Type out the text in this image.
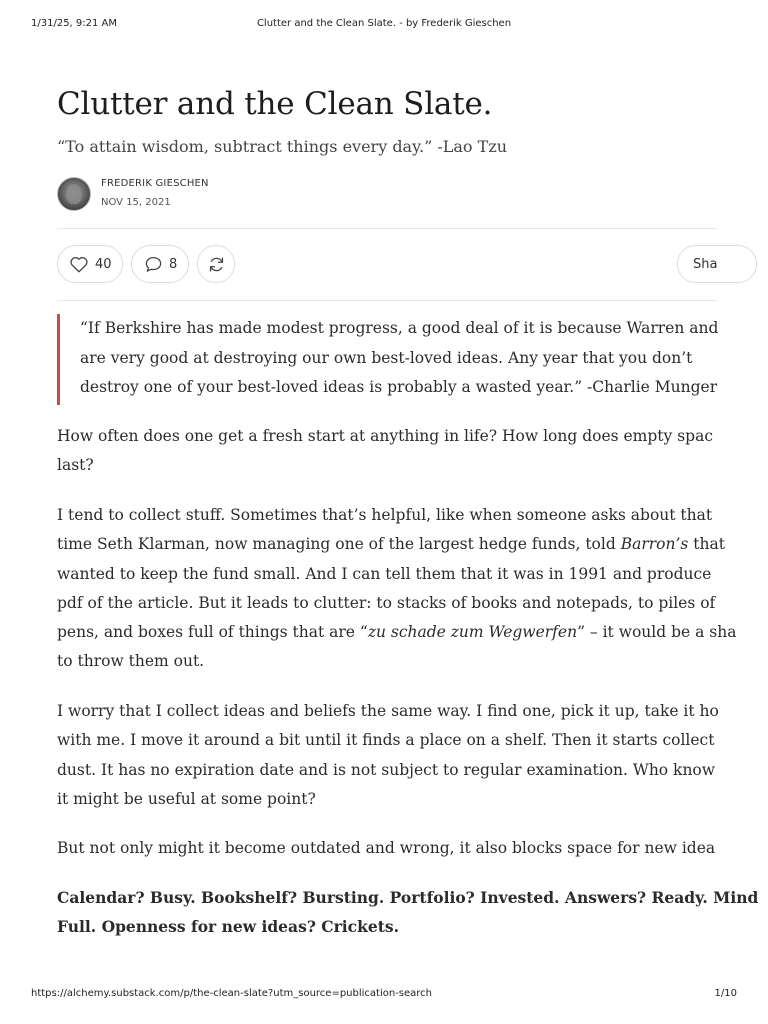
1/31/25, 9:21 AM	Clutter and the Clean Slate. - by Frederik Gieschen
Clutter and the Clean Slate.
“To attain wisdom, subtract things every day.” -Lao Tzu
FREDERIK GIESCHEN
NOV 15, 2021
40	8	Sha

“If Berkshire has made modest progress, a good deal of it is because Warren and

are very good at destroying our own best-loved ideas. Any year that you don’t

destroy one of your best-loved ideas is probably a wasted year.” -Charlie Munger

How often does one get a fresh start at anything in life? How long does empty spac
last?
I tend to collect stuff. Sometimes that’s helpful, like when someone asks about that
time Seth Klarman, now managing one of the largest hedge funds, told Barron’s that
wanted to keep the fund small. And I can tell them that it was in 1991 and produce
pdf of the article. But it leads to clutter: to stacks of books and notepads, to piles of
pens, and boxes full of things that are “zu schade zum Wegwerfen” – it would be a sha
to throw them out.
I worry that I collect ideas and beliefs the same way. I find one, pick it up, take it ho
with me. I move it around a bit until it finds a place on a shelf. Then it starts collect
dust. It has no expiration date and is not subject to regular examination. Who know
it might be useful at some point?
But not only might it become outdated and wrong, it also blocks space for new idea
Calendar? Busy. Bookshelf? Bursting. Portfolio? Invested. Answers? Ready. Mind
Full. Openness for new ideas? Crickets.
https://alchemy.substack.com/p/the-clean-slate?utm_source=publication-search	1/10
